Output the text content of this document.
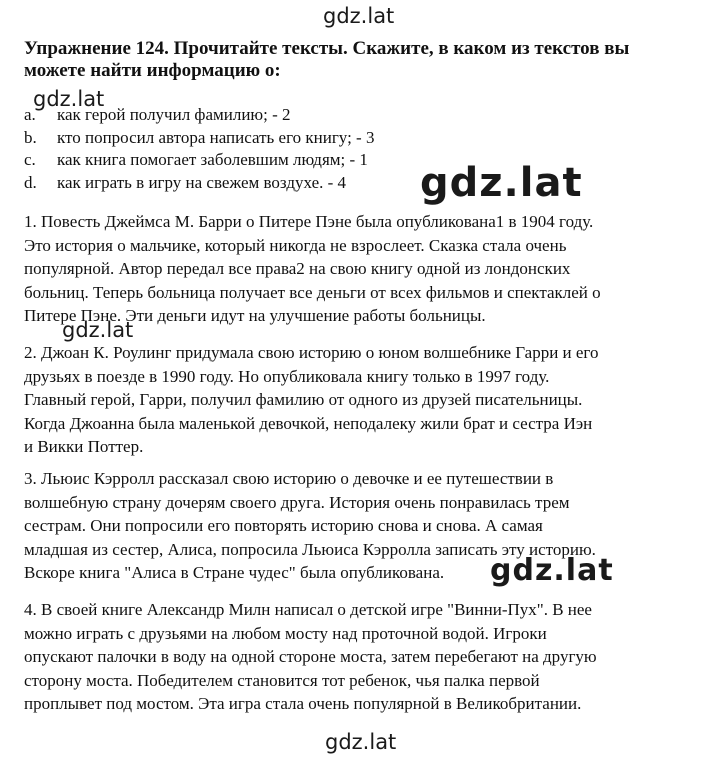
gdz.lat
gdz.lat
gdz.lat
gdz.lat
gdz.lat
gdz.lat
Упражнение 124. Прочитайте тексты. Скажите, в каком из текстов вы
можете найти информацию о:
a. как герой получил фамилию; - 2
b. кто попросил автора написать его книгу; - 3
c. как книга помогает заболевшим людям; - 1
d. как играть в игру на свежем воздухе. - 4
1. Повесть Джеймса М. Барри о Питере Пэне была опубликована1 в 1904 году.
Это история о мальчике, который никогда не взрослеет. Сказка стала очень
популярной. Автор передал все права2 на свою книгу одной из лондонских
больниц. Теперь больница получает все деньги от всех фильмов и спектаклей о
Питере Пэне. Эти деньги идут на улучшение работы больницы.
2. Джоан К. Роулинг придумала свою историю о юном волшебнике Гарри и его
друзьях в поезде в 1990 году. Но опубликовала книгу только в 1997 году.
Главный герой, Гарри, получил фамилию от одного из друзей писательницы.
Когда Джоанна была маленькой девочкой, неподалеку жили брат и сестра Иэн
и Викки Поттер.
3. Льюис Кэрролл рассказал свою историю о девочке и ее путешествии в
волшебную страну дочерям своего друга. История очень понравилась трем
сестрам. Они попросили его повторять историю снова и снова. А самая
младшая из сестер, Алиса, попросила Льюиса Кэрролла записать эту историю.
Вскоре книга "Алиса в Стране чудес" была опубликована.
4. В своей книге Александр Милн написал о детской игре "Винни-Пух". В нее
можно играть с друзьями на любом мосту над проточной водой. Игроки
опускают палочки в воду на одной стороне моста, затем перебегают на другую
сторону моста. Победителем становится тот ребенок, чья палка первой
проплывет под мостом. Эта игра стала очень популярной в Великобритании.
